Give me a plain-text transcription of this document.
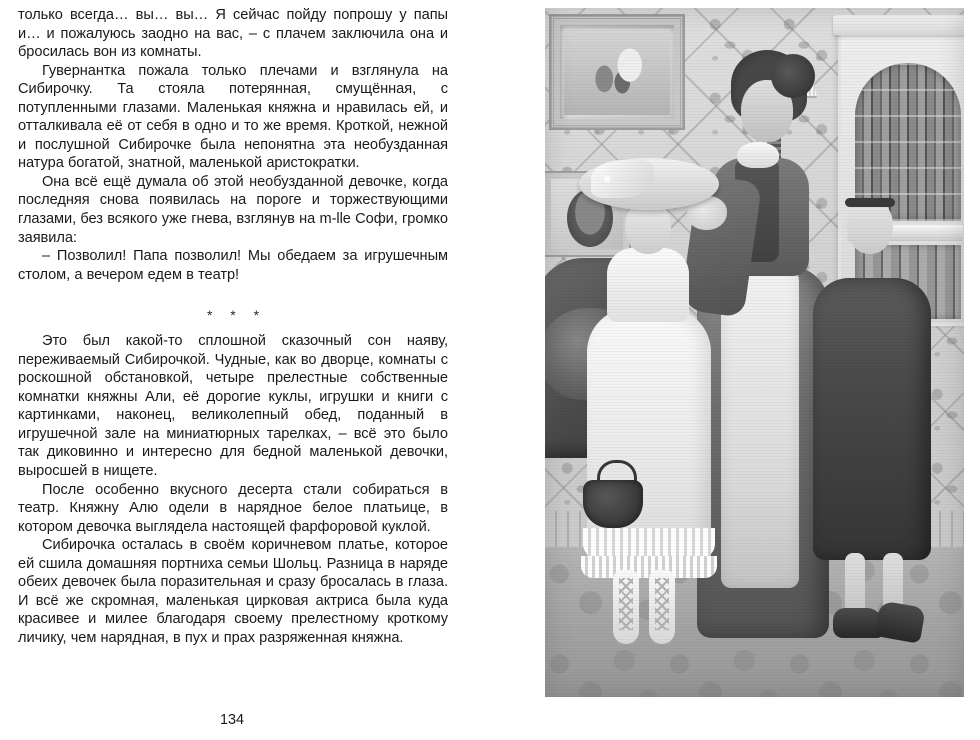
только всегда… вы… вы… Я сейчас пойду попрошу у папы и… и пожалуюсь заодно на вас, – с плачем заключила она и бросилась вон из комнаты.

Гувернантка пожала только плечами и взглянула на Сибирочку. Та стояла потерянная, смущённая, с потупленными глазами. Маленькая княжна и нравилась ей, и отталкивала её от себя в одно и то же время. Кроткой, нежной и послушной Сибирочке была непонятна эта необузданная натура богатой, знатной, маленькой аристократки.

Она всё ещё думала об этой необузданной девочке, когда последняя снова появилась на пороге и торжествующими глазами, без всякого уже гнева, взглянув на m-lle Софи, громко заявила:

– Позволил! Папа позволил! Мы обедаем за игрушечным столом, а вечером едем в театр!

* * *

Это был какой-то сплошной сказочный сон наяву, переживаемый Сибирочкой. Чудные, как во дворце, комнаты с роскошной обстановкой, четыре прелестные собственные комнатки княжны Али, её дорогие куклы, игрушки и книги с картинками, наконец, великолепный обед, поданный в игрушечной зале на миниатюрных тарелках, – всё это было так диковинно и интересно для бедной маленькой девочки, выросшей в нищете.

После особенно вкусного десерта стали собираться в театр. Княжну Алю одели в нарядное белое платьице, в котором девочка выглядела настоящей фарфоровой куклой.

Сибирочка осталась в своём коричневом платье, которое ей сшила домашняя портниха семьи Шольц. Разница в наряде обеих девочек была поразительная и сразу бросалась в глаза. И всё же скромная, маленькая цирковая актриса была куда красивее и милее благодаря своему прелестному кроткому личику, чем нарядная, в пух и прах разряженная княжна.

134
